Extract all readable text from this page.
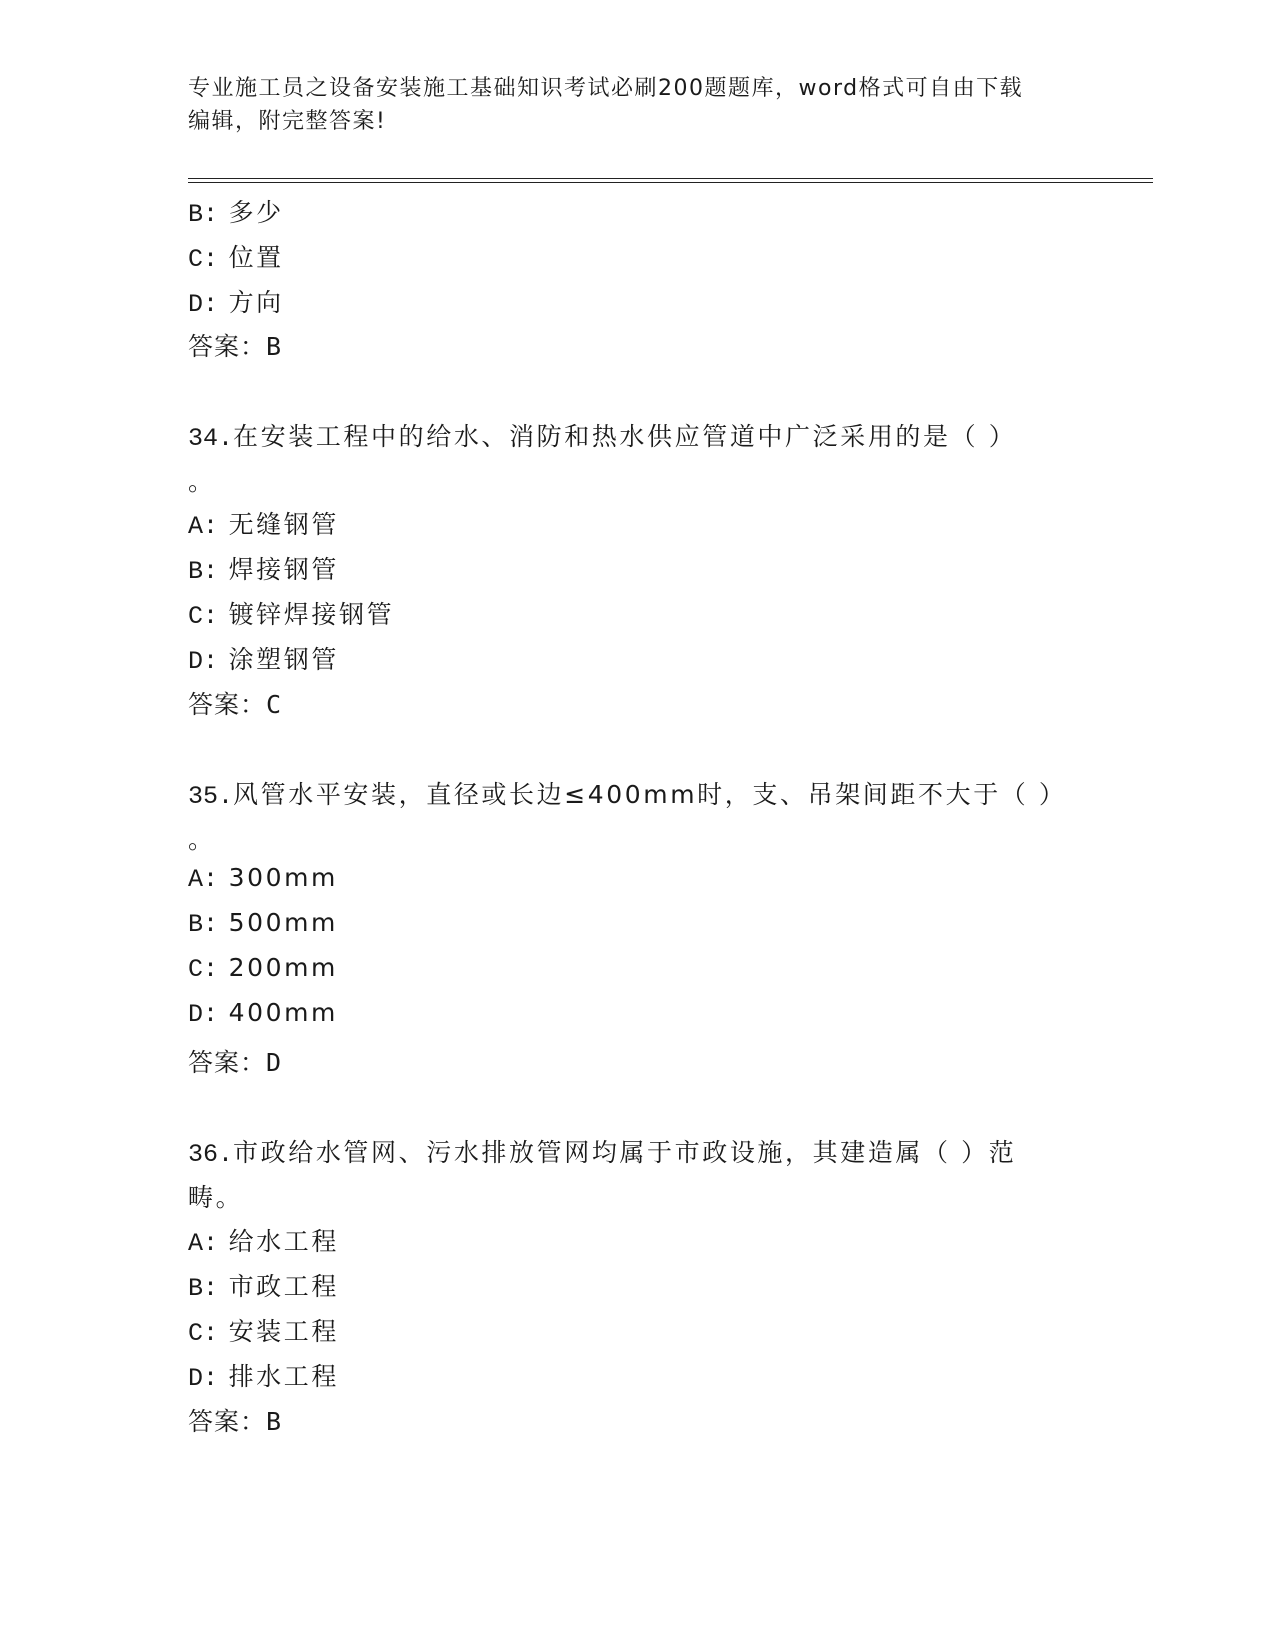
专业施工员之设备安装施工基础知识考试必刷200题题库，word格式可自由下载
编辑，附完整答案!
B: 多少
C: 位置
D: 方向
答案：B
34.在安装工程中的给水、消防和热水供应管道中广泛采用的是（ ）
。
A: 无缝钢管
B: 焊接钢管
C: 镀锌焊接钢管
D: 涂塑钢管
答案：C
35.风管水平安装，直径或长边≤400mm时，支、吊架间距不大于（ ）
。
A: 300mm
B: 500mm
C: 200mm
D: 400mm
答案：D
36.市政给水管网、污水排放管网均属于市政设施，其建造属（ ）范
畴。
A: 给水工程
B: 市政工程
C: 安装工程
D: 排水工程
答案：B
